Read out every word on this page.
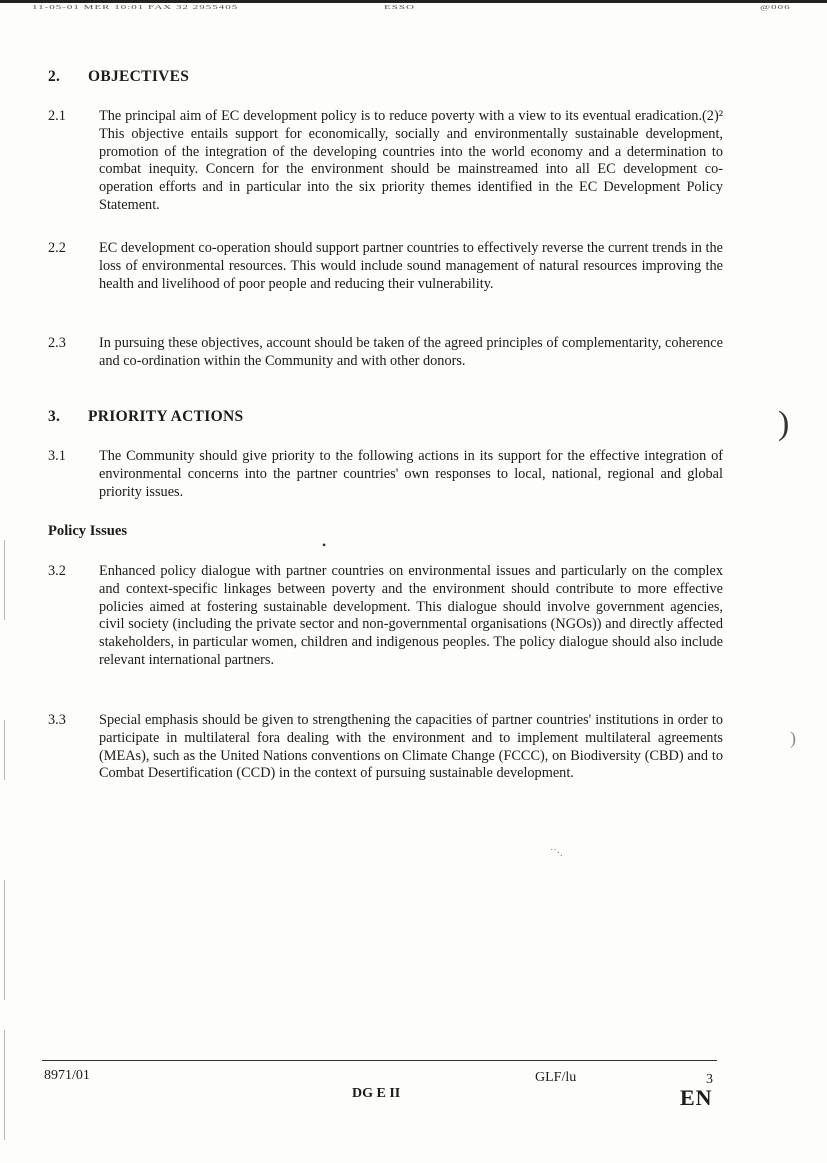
11-05-01 MER 10:01 FAX 32 2955405	ESSO	@006
2. OBJECTIVES
2.1	The principal aim of EC development policy is to reduce poverty with a view to its eventual eradication.(2)² This objective entails support for economically, socially and environmentally sustainable development, promotion of the integration of the developing countries into the world economy and a determination to combat inequity. Concern for the environment should be mainstreamed into all EC development co-operation efforts and in particular into the six priority themes identified in the EC Development Policy Statement.
2.2	EC development co-operation should support partner countries to effectively reverse the current trends in the loss of environmental resources. This would include sound management of natural resources improving the health and livelihood of poor people and reducing their vulnerability.
2.3	In pursuing these objectives, account should be taken of the agreed principles of complementarity, coherence and co-ordination within the Community and with other donors.
3. PRIORITY ACTIONS
3.1	The Community should give priority to the following actions in its support for the effective integration of environmental concerns into the partner countries' own responses to local, national, regional and global priority issues.
Policy Issues
3.2	Enhanced policy dialogue with partner countries on environmental issues and particularly on the complex and context-specific linkages between poverty and the environment should contribute to more effective policies aimed at fostering sustainable development. This dialogue should involve government agencies, civil society (including the private sector and non-governmental organisations (NGOs)) and directly affected stakeholders, in particular women, children and indigenous peoples. The policy dialogue should also include relevant international partners.
3.3	Special emphasis should be given to strengthening the capacities of partner countries' institutions in order to participate in multilateral fora dealing with the environment and to implement multilateral agreements (MEAs), such as the United Nations conventions on Climate Change (FCCC), on Biodiversity (CBD) and to Combat Desertification (CCD) in the context of pursuing sustainable development.
)
)
•
˙˙·.
8971/01
DG E II
GLF/lu	3
EN
